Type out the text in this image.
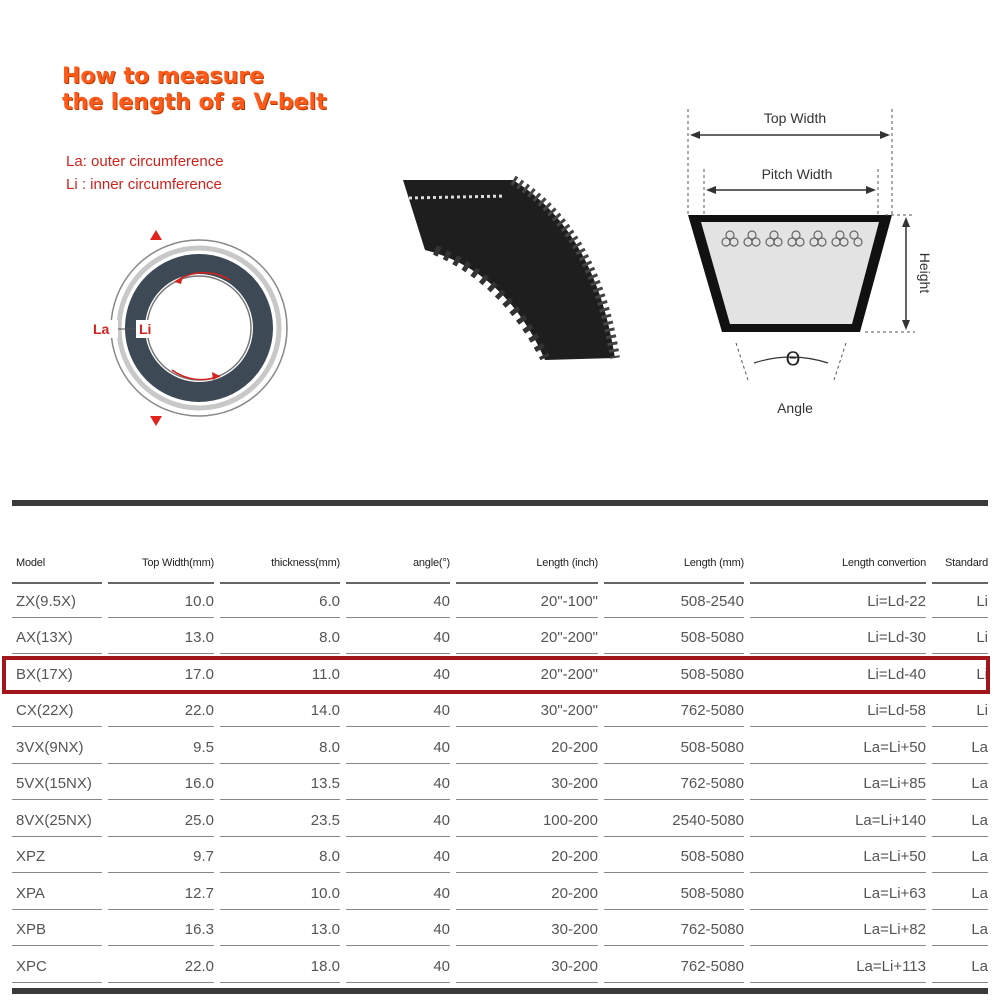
How to measure
the length of a V-belt
La: outer circumference
Li : inner circumference
La Li
Top Width
Pitch Width
Height
Θ
Angle
Model	Top Width(mm)	thickness(mm)	angle(°)	Length (inch)	Length (mm)	Length convertion	Standard

ZX(9.5X)	10.0	6.0	40	20"-100"	508-2540	Li=Ld-22	Li

AX(13X)	13.0	8.0	40	20"-200"	508-5080	Li=Ld-30	Li

BX(17X)	17.0	11.0	40	20"-200"	508-5080	Li=Ld-40	Li

CX(22X)	22.0	14.0	40	30"-200"	762-5080	Li=Ld-58	Li

3VX(9NX)	9.5	8.0	40	20-200	508-5080	La=Li+50	La

5VX(15NX)	16.0	13.5	40	30-200	762-5080	La=Li+85	La

8VX(25NX)	25.0	23.5	40	100-200	2540-5080	La=Li+140	La

XPZ	9.7	8.0	40	20-200	508-5080	La=Li+50	La

XPA	12.7	10.0	40	20-200	508-5080	La=Li+63	La

XPB	16.3	13.0	40	30-200	762-5080	La=Li+82	La

XPC	22.0	18.0	40	30-200	762-5080	La=Li+113	La
